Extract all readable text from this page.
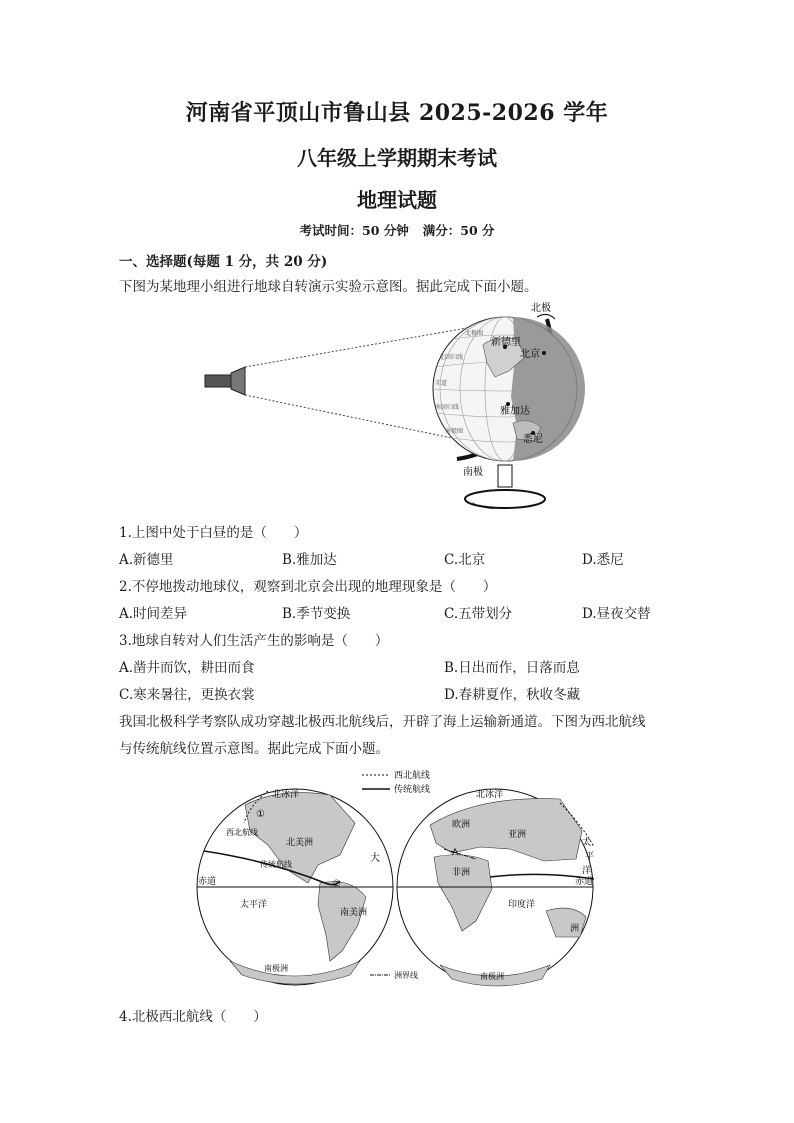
河南省平顶山市鲁山县 2025-2026 学年
八年级上学期期末考试
地理试题
考试时间：50 分钟 满分：50 分
一、选择题(每题 1 分，共 20 分)
下图为某地理小组进行地球自转演示实验示意图。据此完成下面小题。
新德里
北京
雅加达
悉尼
北极
南极
北极圈
北回归线
赤道
南回归线
南极圈
1.上图中处于白昼的是（　　）
A.新德里	B.雅加达	C.北京	D.悉尼
2.不停地拨动地球仪，观察到北京会出现的地理现象是（　　）
A.时间差异	B.季节变换	C.五带划分	D.昼夜交替
3.地球自转对人们生活产生的影响是（　　）
A.凿井而饮，耕田而食	B.日出而作，日落而息
C.寒来暑往，更换衣裳	D.春耕夏作，秋收冬藏
我国北极科学考察队成功穿越北极西北航线后，开辟了海上运输新通道。下图为西北航线
与传统航线位置示意图。据此完成下面小题。
西北航线
传统航线
赤道
北冰洋
西北航线
传统航线
北美洲
南美洲
太平洋
南极洲
大
①
②	赤道
北冰洋
欧洲
亚洲
非洲
印度洋
洲
南极洲
太
平
洋
A
洲界线
4.北极西北航线（　　）
